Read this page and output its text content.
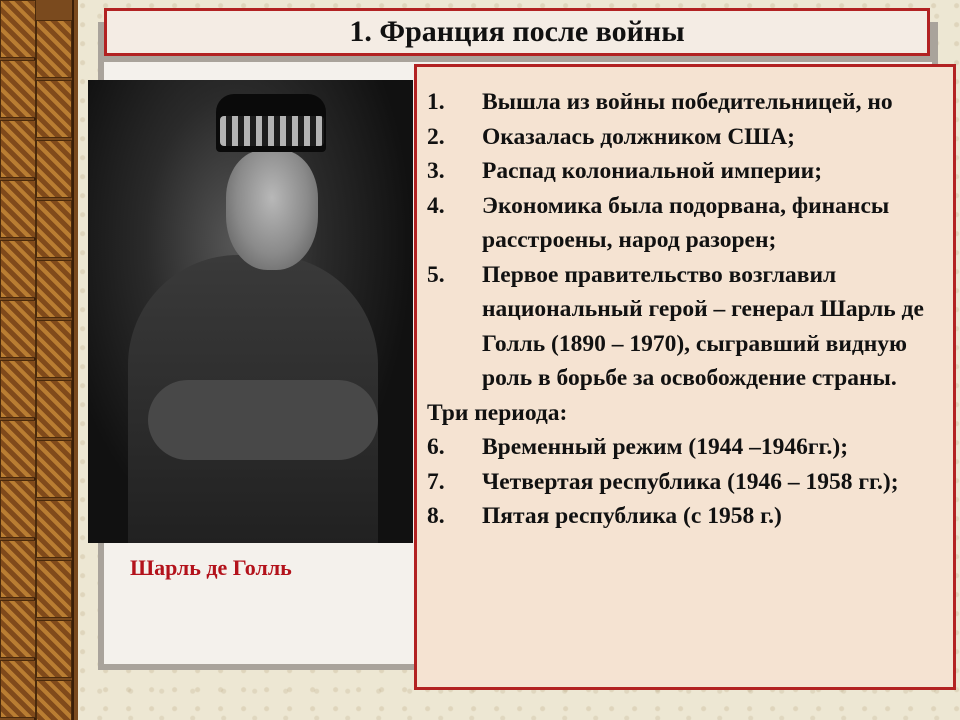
1. Франция после войны
Шарль де Голль
1.	Вышла из войны победительницей, но
2.	Оказалась должником США;
3.	Распад колониальной империи;
4.	Экономика была подорвана, финансы расстроены, народ разорен;
5.	Первое правительство возглавил национальный герой – генерал Шарль де Голль (1890 – 1970), сыгравший видную роль в борьбе за освобождение страны.
Три периода:
6.	Временный режим (1944 –1946гг.);
7.	Четвертая республика (1946 – 1958 гг.);
8.	Пятая республика (с 1958 г.)
